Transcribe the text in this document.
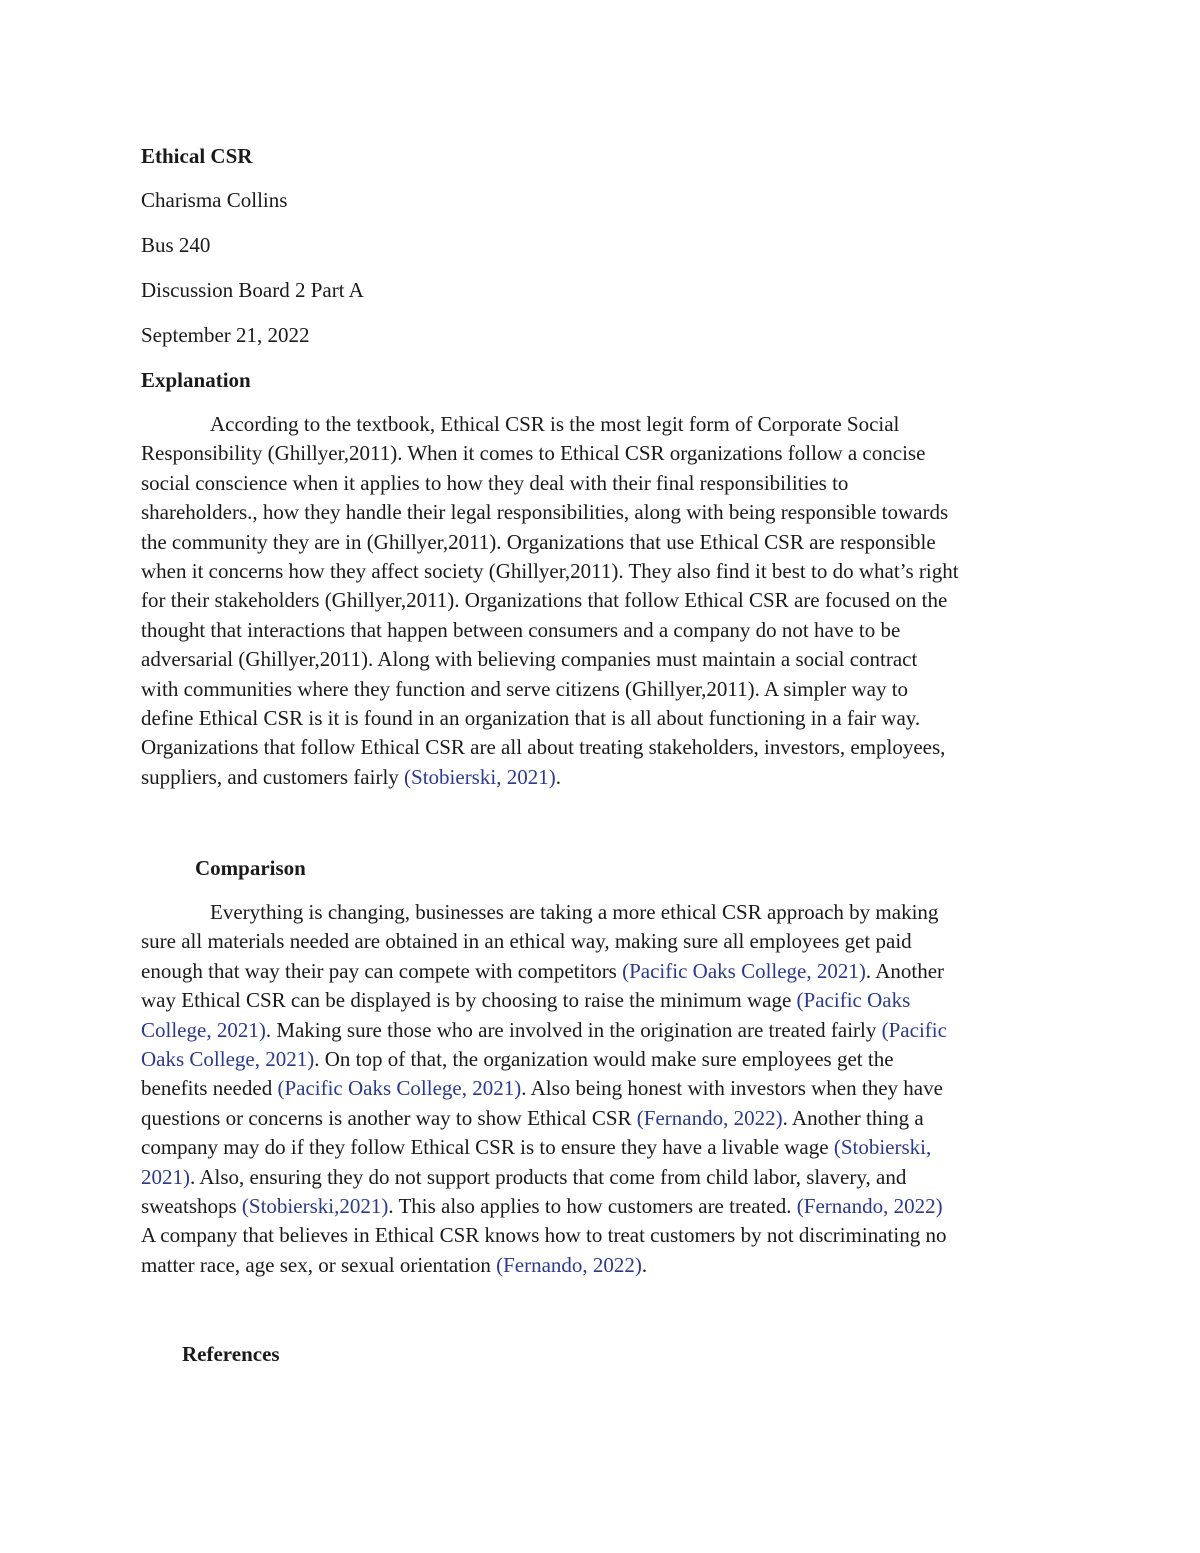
Ethical CSR
Charisma Collins
Bus 240
Discussion Board 2 Part A
September 21, 2022
Explanation
According to the textbook, Ethical CSR is the most legit form of Corporate Social
Responsibility (Ghillyer,2011). When it comes to Ethical CSR organizations follow a concise
social conscience when it applies to how they deal with their final responsibilities to
shareholders., how they handle their legal responsibilities, along with being responsible towards
the community they are in (Ghillyer,2011). Organizations that use Ethical CSR are responsible
when it concerns how they affect society (Ghillyer,2011). They also find it best to do what’s right
for their stakeholders (Ghillyer,2011). Organizations that follow Ethical CSR are focused on the
thought that interactions that happen between consumers and a company do not have to be
adversarial (Ghillyer,2011). Along with believing companies must maintain a social contract
with communities where they function and serve citizens (Ghillyer,2011). A simpler way to
define Ethical CSR is it is found in an organization that is all about functioning in a fair way.
Organizations that follow Ethical CSR are all about treating stakeholders, investors, employees,
suppliers, and customers fairly (Stobierski, 2021).
Comparison
Everything is changing, businesses are taking a more ethical CSR approach by making
sure all materials needed are obtained in an ethical way, making sure all employees get paid
enough that way their pay can compete with competitors (Pacific Oaks College, 2021). Another
way Ethical CSR can be displayed is by choosing to raise the minimum wage (Pacific Oaks
College, 2021). Making sure those who are involved in the origination are treated fairly (Pacific
Oaks College, 2021). On top of that, the organization would make sure employees get the
benefits needed (Pacific Oaks College, 2021). Also being honest with investors when they have
questions or concerns is another way to show Ethical CSR (Fernando, 2022). Another thing a
company may do if they follow Ethical CSR is to ensure they have a livable wage (Stobierski,
2021). Also, ensuring they do not support products that come from child labor, slavery, and
sweatshops (Stobierski,2021). This also applies to how customers are treated. (Fernando, 2022)
A company that believes in Ethical CSR knows how to treat customers by not discriminating no
matter race, age sex, or sexual orientation (Fernando, 2022).
References
